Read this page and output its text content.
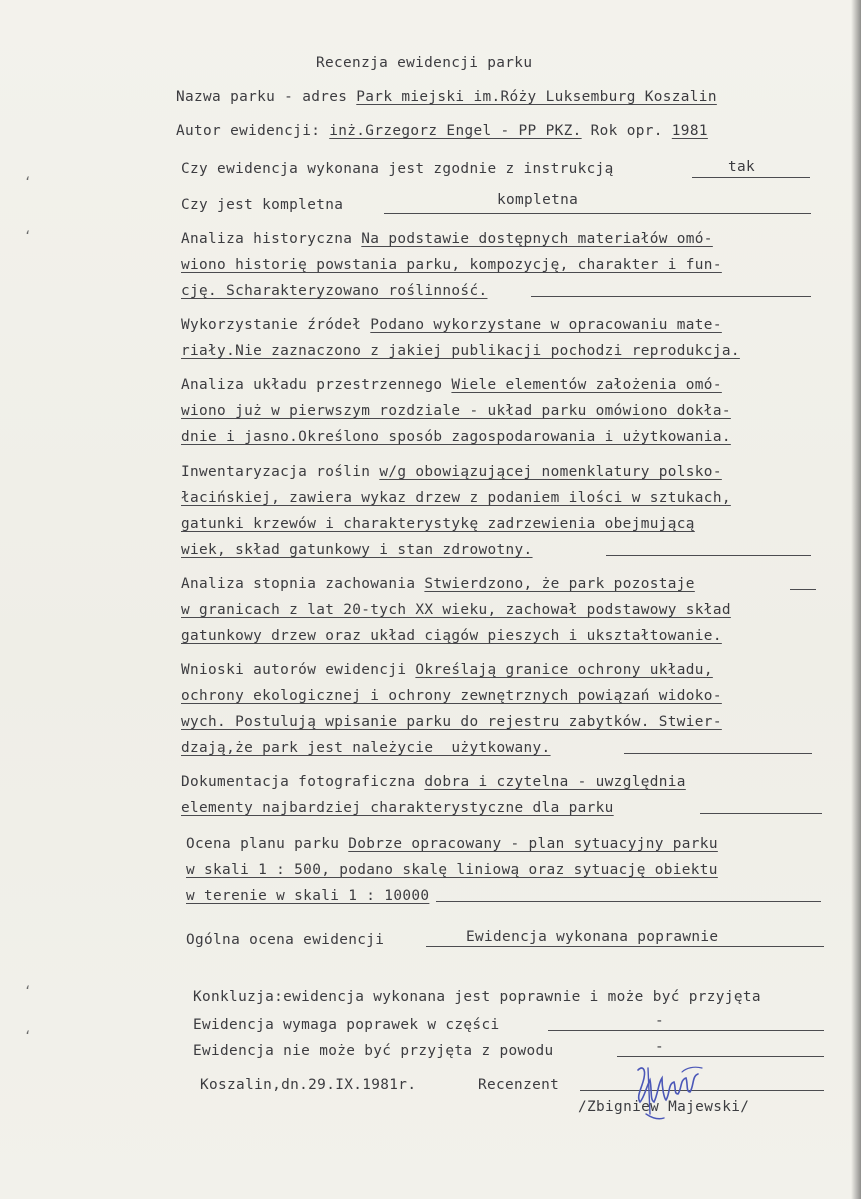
Recenzja ewidencji parku
Nazwa parku - adres Park miejski im.Róży Luksemburg Koszalin
Autor ewidencji: inż.Grzegorz Engel - PP PKZ. Rok opr. 1981
Czy ewidencja wykonana jest zgodnie z instrukcją	tak
Czy jest kompletna	kompletna
Analiza historyczna Na podstawie dostępnych materiałów omó-
wiono historię powstania parku, kompozycję, charakter i fun-
cję. Scharakteryzowano roślinność.
Wykorzystanie źródeł Podano wykorzystane w opracowaniu mate-
riały.Nie zaznaczono z jakiej publikacji pochodzi reprodukcja.
Analiza układu przestrzennego Wiele elementów założenia omó-
wiono już w pierwszym rozdziale - układ parku omówiono dokła-
dnie i jasno.Określono sposób zagospodarowania i użytkowania.
Inwentaryzacja roślin w/g obowiązującej nomenklatury polsko-
łacińskiej, zawiera wykaz drzew z podaniem ilości w sztukach,
gatunki krzewów i charakterystykę zadrzewienia obejmującą
wiek, skład gatunkowy i stan zdrowotny.
Analiza stopnia zachowania Stwierdzono, że park pozostaje
w granicach z lat 20-tych XX wieku, zachował podstawowy skład
gatunkowy drzew oraz układ ciągów pieszych i ukształtowanie.
Wnioski autorów ewidencji Określają granice ochrony układu,
ochrony ekologicznej i ochrony zewnętrznych powiązań widoko-
wych. Postulują wpisanie parku do rejestru zabytków. Stwier-
dzają,że park jest należycie  użytkowany.
Dokumentacja fotograficzna dobra i czytelna - uwzględnia
elementy najbardziej charakterystyczne dla parku
Ocena planu parku Dobrze opracowany - plan sytuacyjny parku
w skali 1 : 500, podano skalę liniową oraz sytuację obiektu
w terenie w skali 1 : 10000
Ogólna ocena ewidencji	Ewidencja wykonana poprawnie
Konkluzja:ewidencja wykonana jest poprawnie i może być przyjęta
Ewidencja wymaga poprawek w części	-
Ewidencja nie może być przyjęta z powodu	-
Koszalin,dn.29.IX.1981r.	Recenzent
/Zbigniew Majewski/
ʻ
ʻ
ʻ
ʻ
